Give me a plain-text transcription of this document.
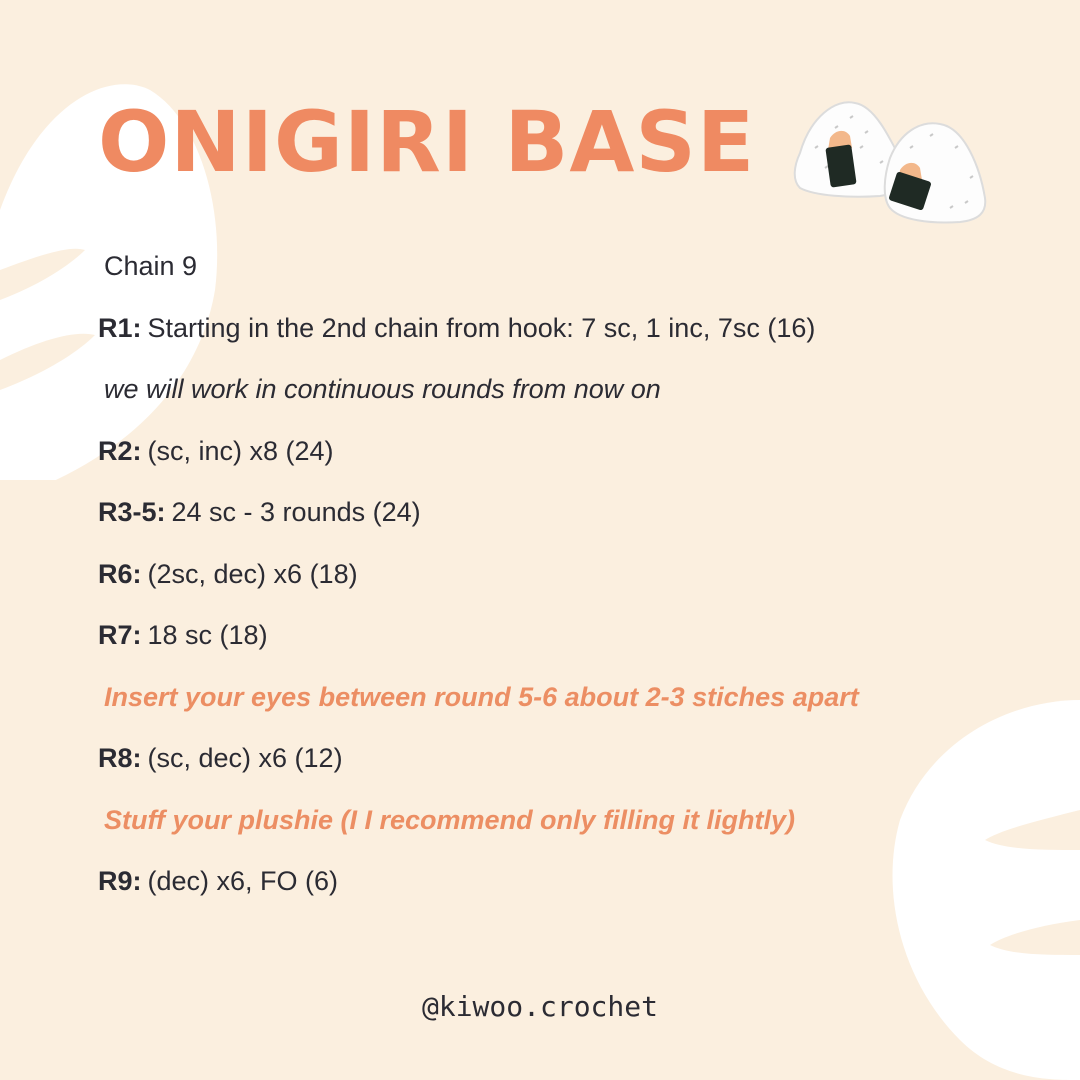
ONIGIRI BASE
Chain 9
R1: Starting in the 2nd chain from hook: 7 sc, 1 inc, 7sc (16)
we will work in continuous rounds from now on
R2: (sc, inc) x8 (24)
R3-5: 24 sc - 3 rounds (24)
R6: (2sc, dec) x6 (18)
R7: 18 sc (18)
Insert your eyes between round 5-6 about 2-3 stiches apart
R8: (sc, dec) x6 (12)
Stuff your plushie (I I recommend only filling it lightly)
R9: (dec) x6, FO (6)
@kiwoo.crochet
